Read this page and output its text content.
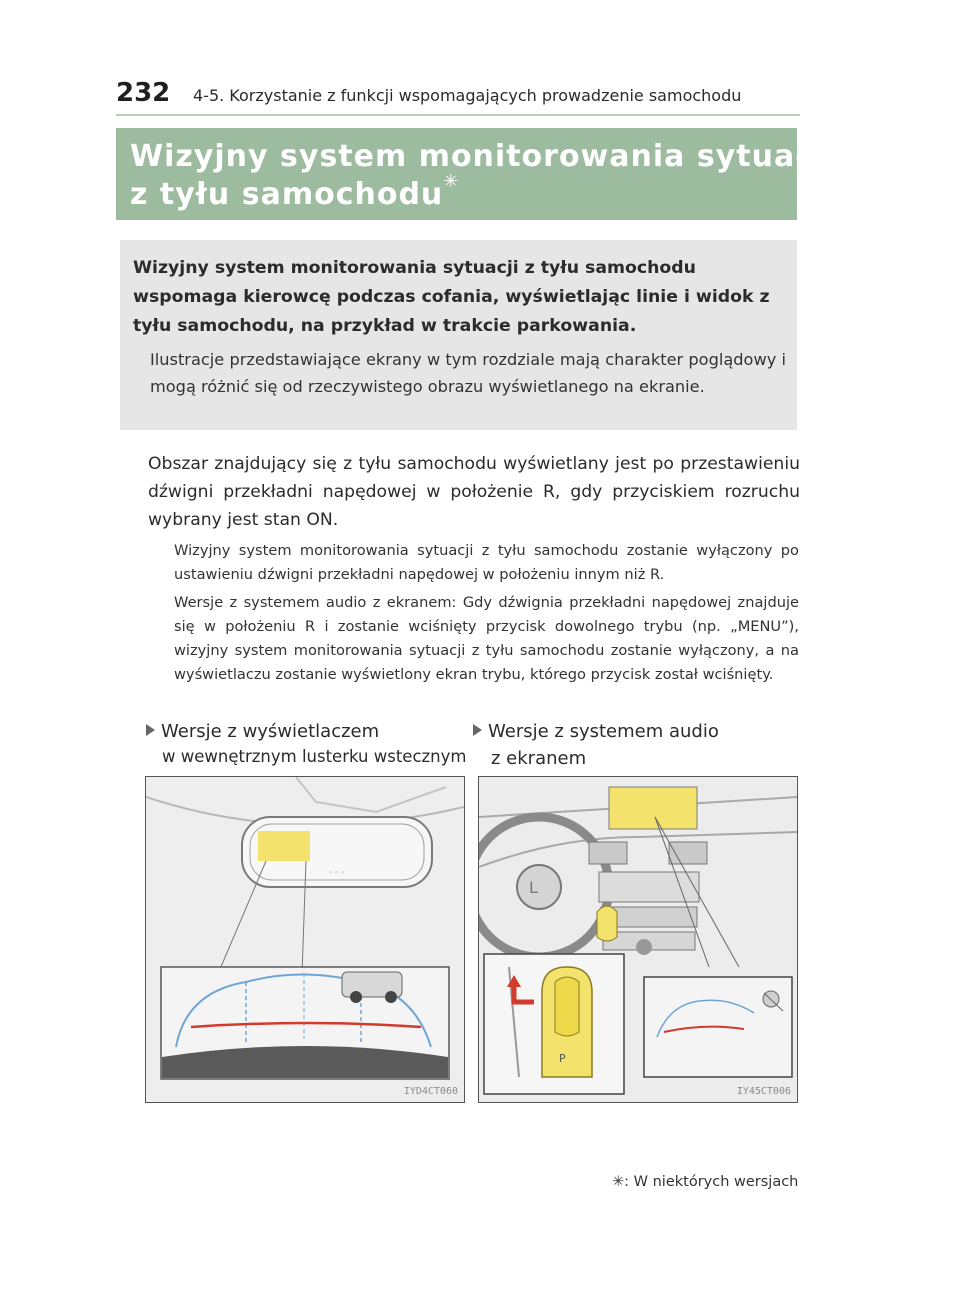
232 4-5. Korzystanie z funkcji wspomagających prowadzenie samochodu
Wizyjny system monitorowania sytuacji
z tyłu samochodu✳
Wizyjny system monitorowania sytuacji z tyłu samochodu wspomaga kierowcę podczas cofania, wyświetlając linie i widok z tyłu samochodu, na przykład w trakcie parkowania.
Ilustracje przedstawiające ekrany w tym rozdziale mają charakter poglądowy i mogą różnić się od rzeczywistego obrazu wyświetlanego na ekranie.
Obszar znajdujący się z tyłu samochodu wyświetlany jest po przestawieniu dźwigni przekładni napędowej w położenie R, gdy przyciskiem rozruchu wybrany jest stan ON.
Wizyjny system monitorowania sytuacji z tyłu samochodu zostanie wyłączony po ustawieniu dźwigni przekładni napędowej w położeniu innym niż R.
Wersje z systemem audio z ekranem: Gdy dźwignia przekładni napędowej znajduje się w położeniu R i zostanie wciśnięty przycisk dowolnego trybu (np. „MENU”), wizyjny system monitorowania sytuacji z tyłu samochodu zostanie wyłączony, a na wyświetlaczu zostanie wyświetlony ekran trybu, którego przycisk został wciśnięty.
Wersje z wyświetlaczem
w wewnętrznym lusterku wstecznym
Wersje z systemem audio
z ekranem
◦ ◦ ◦
IYD4CT060
L
P
IY45CT006
✳: W niektórych wersjach
